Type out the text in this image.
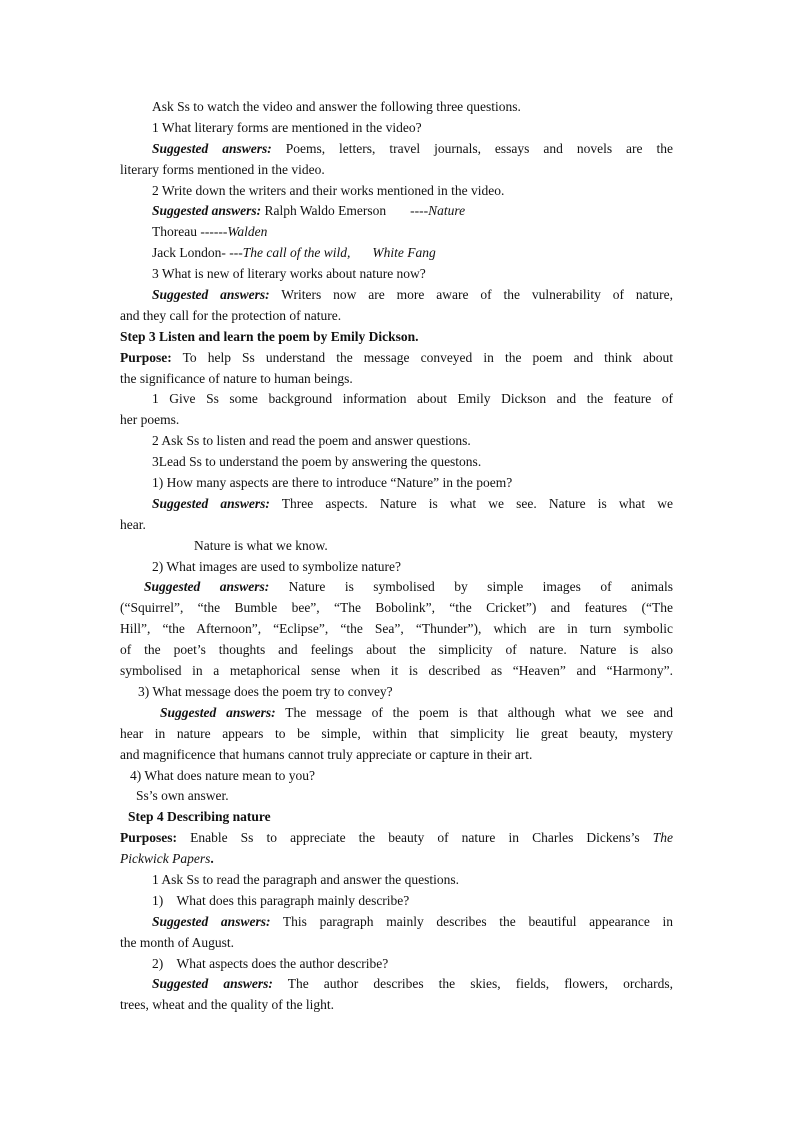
Ask Ss to watch the video and answer the following three questions.
1 What literary forms are mentioned in the video?
Suggested answers: Poems, letters, travel journals, essays and novels are the
literary forms mentioned in the video.
2 Write down the writers and their works mentioned in the video.
Suggested answers: Ralph Waldo Emerson ----Nature
Thoreau ------Walden
Jack London- ---The call of the wild, White Fang
3 What is new of literary works about nature now?
Suggested answers: Writers now are more aware of the vulnerability of nature,
and they call for the protection of nature.
Step 3 Listen and learn the poem by Emily Dickson.
Purpose: To help Ss understand the message conveyed in the poem and think about
the significance of nature to human beings.
1 Give Ss some background information about Emily Dickson and the feature of
her poems.
2 Ask Ss to listen and read the poem and answer questions.
3Lead Ss to understand the poem by answering the questons.
1) How many aspects are there to introduce “Nature” in the poem?
Suggested answers: Three aspects. Nature is what we see. Nature is what we
hear.
Nature is what we know.
2) What images are used to symbolize nature?
Suggested answers: Nature is symbolised by simple images of animals
(“Squirrel”, “the Bumble bee”, “The Bobolink”, “the Cricket”) and features (“The
Hill”, “the Afternoon”, “Eclipse”, “the Sea”, “Thunder”), which are in turn symbolic
of the poet’s thoughts and feelings about the simplicity of nature. Nature is also
symbolised in a metaphorical sense when it is described as “Heaven” and “Harmony”.
3) What message does the poem try to convey?
Suggested answers: The message of the poem is that although what we see and
hear in nature appears to be simple, within that simplicity lie great beauty, mystery
and magnificence that humans cannot truly appreciate or capture in their art.
4) What does nature mean to you?
Ss’s own answer.
Step 4 Describing nature
Purposes: Enable Ss to appreciate the beauty of nature in Charles Dickens’s The
Pickwick Papers.
1 Ask Ss to read the paragraph and answer the questions.
1)    What does this paragraph mainly describe?
Suggested answers: This paragraph mainly describes the beautiful appearance in
the month of August.
2)    What aspects does the author describe?
Suggested answers: The author describes the skies, fields, flowers, orchards,
trees, wheat and the quality of the light.
